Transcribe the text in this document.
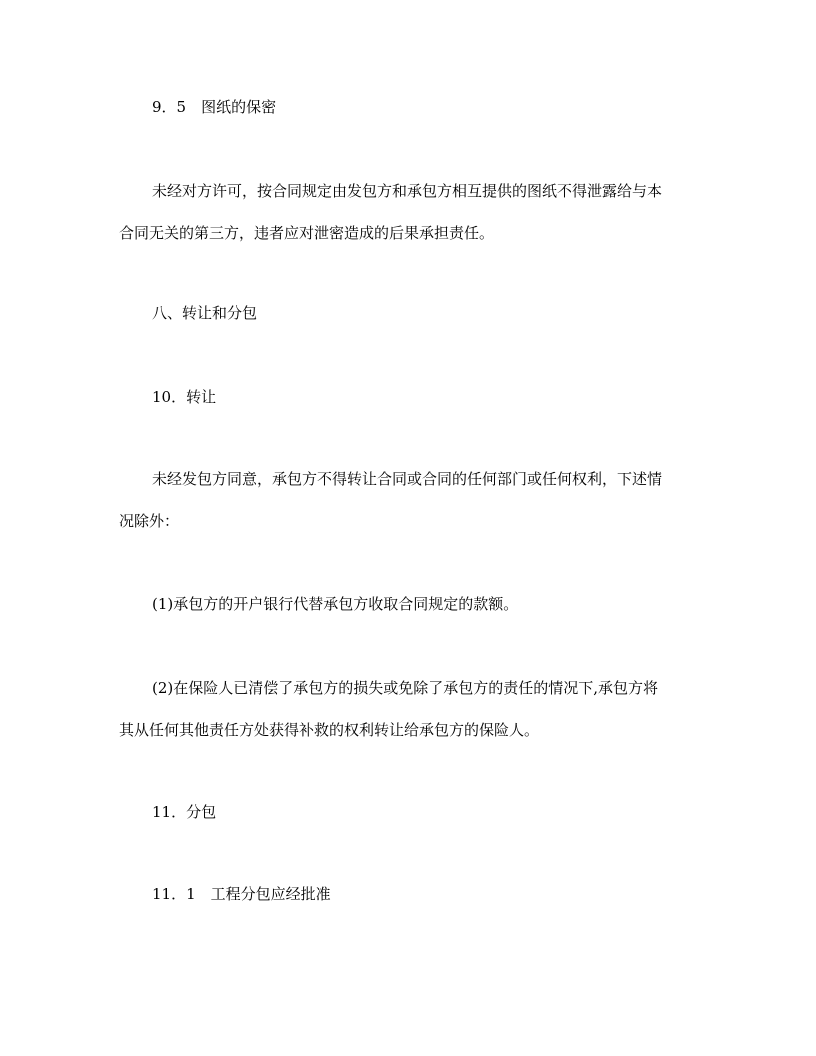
9．5　图纸的保密
未经对方许可，按合同规定由发包方和承包方相互提供的图纸不得泄露给与本
合同无关的第三方，违者应对泄密造成的后果承担责任。
八、转让和分包
10．转让
未经发包方同意，承包方不得转让合同或合同的任何部门或任何权利，下述情
况除外：
(1)承包方的开户银行代替承包方收取合同规定的款额。
(2)在保险人已清偿了承包方的损失或免除了承包方的责任的情况下,承包方将
其从任何其他责任方处获得补救的权利转让给承包方的保险人。
11．分包
11．1　工程分包应经批准
